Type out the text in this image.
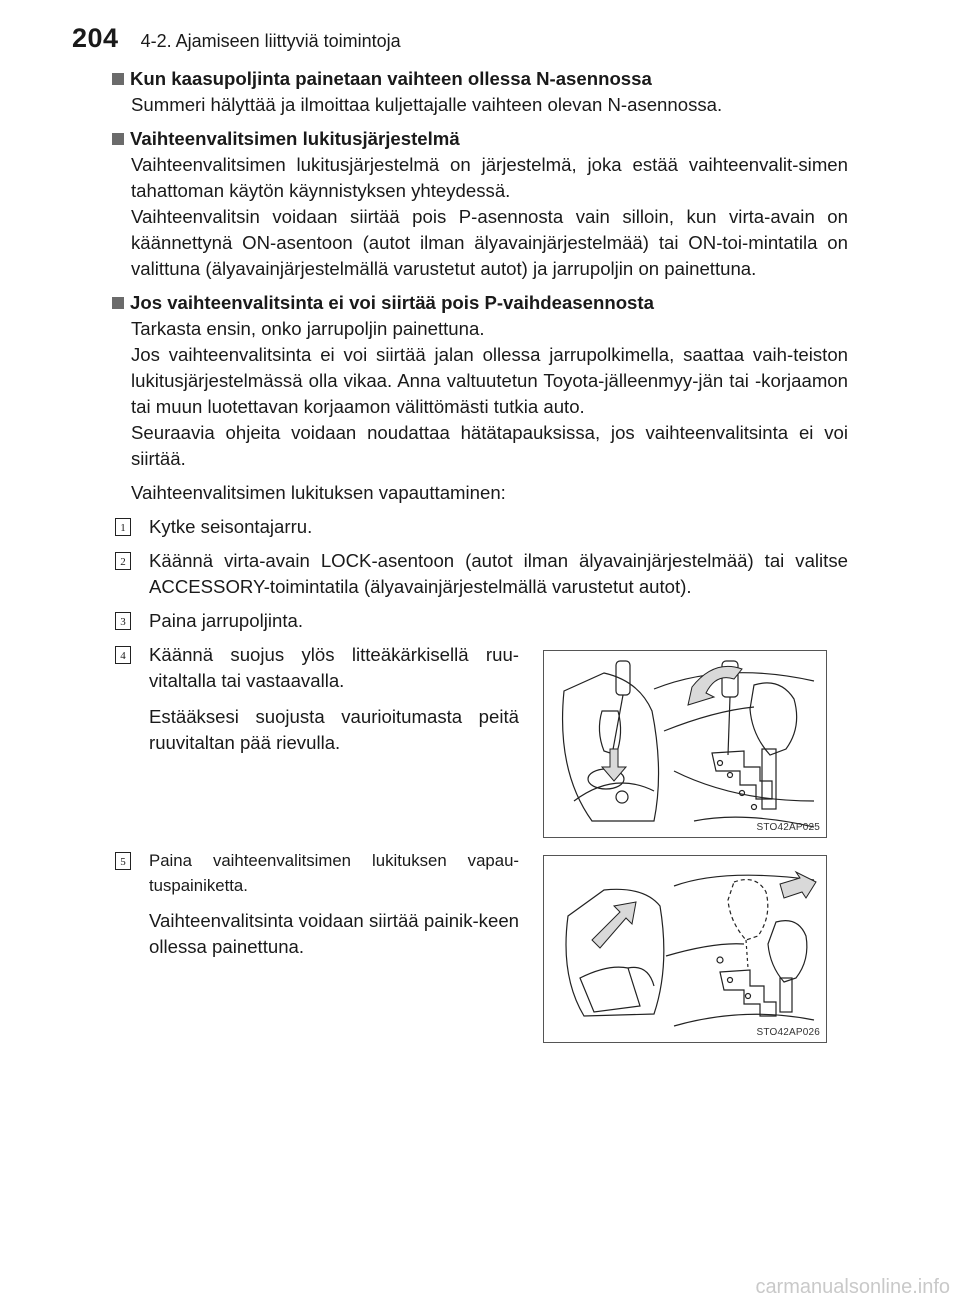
204 4-2. Ajamiseen liittyviä toimintoja
Kun kaasupoljinta painetaan vaihteen ollessa N-asennossa
Summeri hälyttää ja ilmoittaa kuljettajalle vaihteen olevan N-asennossa.
Vaihteenvalitsimen lukitusjärjestelmä
Vaihteenvalitsimen lukitusjärjestelmä on järjestelmä, joka estää vaihteenvalit-simen tahattoman käytön käynnistyksen yhteydessä.
Vaihteenvalitsin voidaan siirtää pois P-asennosta vain silloin, kun virta-avain on käännettynä ON-asentoon (autot ilman älyavainjärjestelmää) tai ON-toi-mintatila on valittuna (älyavainjärjestelmällä varustetut autot) ja jarrupoljin on painettuna.
Jos vaihteenvalitsinta ei voi siirtää pois P-vaihdeasennosta
Tarkasta ensin, onko jarrupoljin painettuna.
Jos vaihteenvalitsinta ei voi siirtää jalan ollessa jarrupolkimella, saattaa vaih-teiston lukitusjärjestelmässä olla vikaa. Anna valtuutetun Toyota-jälleenmyy-jän tai -korjaamon tai muun luotettavan korjaamon välittömästi tutkia auto.
Seuraavia ohjeita voidaan noudattaa hätätapauksissa, jos vaihteenvalitsinta ei voi siirtää.
Vaihteenvalitsimen lukituksen vapauttaminen:
1 Kytke seisontajarru.
2 Käännä virta-avain LOCK-asentoon (autot ilman älyavainjärjestelmää) tai valitse ACCESSORY-toimintatila (älyavainjärjestelmällä varustetut autot).
3 Paina jarrupoljinta.
4 Käännä suojus ylös litteäkärkisellä ruu-vitaltalla tai vastaavalla.
Estääksesi suojusta vaurioitumasta peitä ruuvitaltan pää rievulla.
5	Paina vaihteenvalitsimen lukituksen vapau-tuspainiketta.
Vaihteenvalitsinta voidaan siirtää painik-keen ollessa painettuna.
STO42AP025
STO42AP026
carmanualsonline.info
